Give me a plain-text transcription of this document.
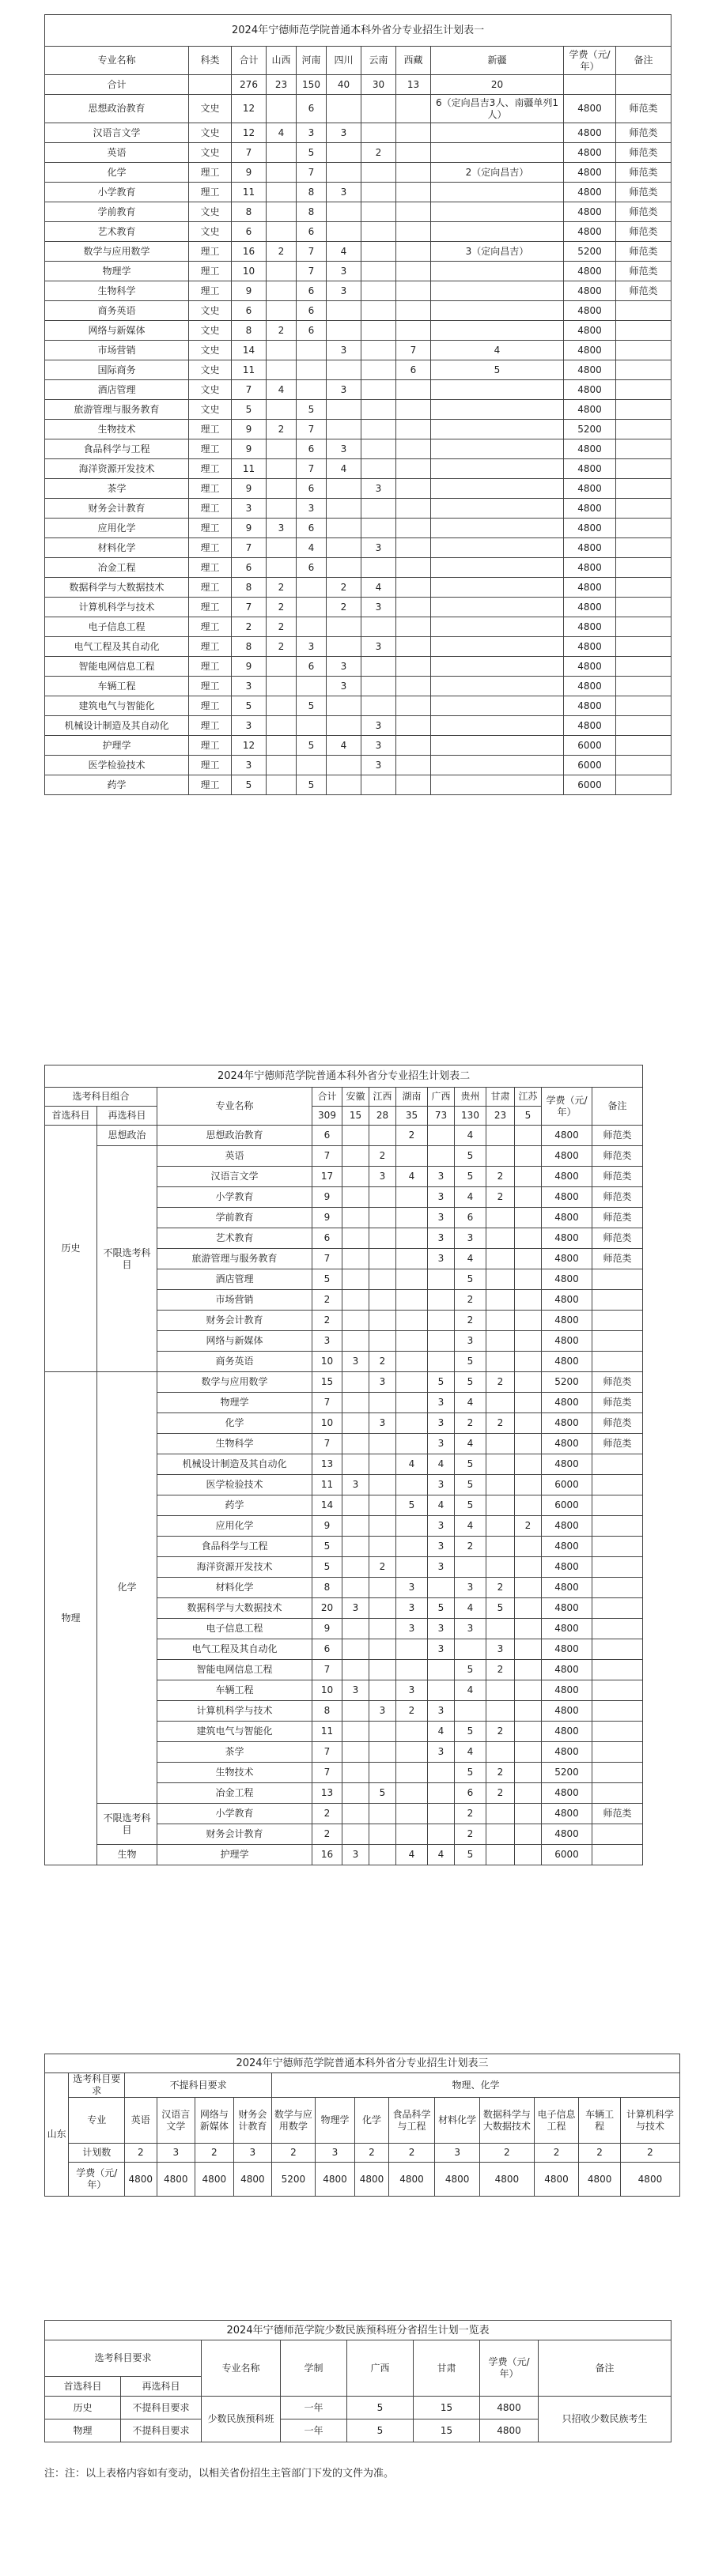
2024年宁德师范学院普通本科外省分专业招生计划表一										
专业名称	科类	合计	山西	河南	四川	云南	西藏	新疆	学费（元/年）	备注
合计		276	23	150	40	30	13	20		
思想政治教育	文史	12		6				6（定向昌吉3人、南疆单列1人）	4800	师范类
汉语言文学	文史	12	4	3	3				4800	师范类
英语	文史	7		5		2			4800	师范类
化学	理工	9		7				2（定向昌吉）	4800	师范类
小学教育	理工	11		8	3				4800	师范类
学前教育	文史	8		8					4800	师范类
艺术教育	文史	6		6					4800	师范类
数学与应用数学	理工	16	2	7	4			3（定向昌吉）	5200	师范类
物理学	理工	10		7	3				4800	师范类
生物科学	理工	9		6	3				4800	师范类
商务英语	文史	6		6					4800	
网络与新媒体	文史	8	2	6					4800	
市场营销	文史	14			3		7	4	4800	
国际商务	文史	11					6	5	4800	
酒店管理	文史	7	4		3				4800	
旅游管理与服务教育	文史	5		5					4800	
生物技术	理工	9	2	7					5200	
食品科学与工程	理工	9		6	3				4800	
海洋资源开发技术	理工	11		7	4				4800	
茶学	理工	9		6		3			4800	
财务会计教育	理工	3		3					4800	
应用化学	理工	9	3	6					4800	
材料化学	理工	7		4		3			4800	
冶金工程	理工	6		6					4800	
数据科学与大数据技术	理工	8	2		2	4			4800	
计算机科学与技术	理工	7	2		2	3			4800	
电子信息工程	理工	2	2						4800	
电气工程及其自动化	理工	8	2	3		3			4800	
智能电网信息工程	理工	9		6	3				4800	
车辆工程	理工	3			3				4800	
建筑电气与智能化	理工	5		5					4800	
机械设计制造及其自动化	理工	3				3			4800	
护理学	理工	12		5	4	3			6000	
医学检验技术	理工	3				3			6000	
药学	理工	5		5					6000	
2024年宁德师范学院普通本科外省分专业招生计划表二												
选考科目组合		专业名称	合计	安徽	江西	湖南	广西	贵州	甘肃	江苏	学费（元/年）	备注
首选科目	再选科目		309	15	28	35	73	130	23	5		
历史	思想政治	思想政治教育	6			2		4			4800	师范类
	不限选考科目	英语	7		2			5			4800	师范类
		汉语言文学	17		3	4	3	5	2		4800	师范类
		小学教育	9				3	4	2		4800	师范类
		学前教育	9				3	6			4800	师范类
		艺术教育	6				3	3			4800	师范类
		旅游管理与服务教育	7				3	4			4800	师范类
		酒店管理	5					5			4800	
		市场营销	2					2			4800	
		财务会计教育	2					2			4800	
		网络与新媒体	3					3			4800	
		商务英语	10	3	2			5			4800	
物理	化学	数学与应用数学	15		3		5	5	2		5200	师范类
		物理学	7				3	4			4800	师范类
		化学	10		3		3	2	2		4800	师范类
		生物科学	7				3	4			4800	师范类
		机械设计制造及其自动化	13			4	4	5			4800	
		医学检验技术	11	3			3	5			6000	
		药学	14			5	4	5			6000	
		应用化学	9				3	4		2	4800	
		食品科学与工程	5				3	2			4800	
		海洋资源开发技术	5		2		3				4800	
		材料化学	8			3		3	2		4800	
		数据科学与大数据技术	20	3		3	5	4	5		4800	
		电子信息工程	9			3	3	3			4800	
		电气工程及其自动化	6				3		3		4800	
		智能电网信息工程	7					5	2		4800	
		车辆工程	10	3		3		4			4800	
		计算机科学与技术	8		3	2	3				4800	
		建筑电气与智能化	11				4	5	2		4800	
		茶学	7				3	4			4800	
		生物技术	7					5	2		5200	
		冶金工程	13		5			6	2		4800	
	不限选考科目	小学教育	2					2			4800	师范类
		财务会计教育	2					2			4800	
	生物	护理学	16	3		4	4	5			6000	
2024年宁德师范学院普通本科外省分专业招生计划表三														
山东	选考科目要求	不提科目要求				物理、化学								
	专业	英语	汉语言文学	网络与新媒体	财务会计教育	数学与应用数学	物理学	化学	食品科学与工程	材料化学	数据科学与大数据技术	电子信息工程	车辆工程	计算机科学与技术
	计划数	2	3	2	3	2	3	2	2	3	2	2	2	2
	学费（元/年）	4800	4800	4800	4800	5200	4800	4800	4800	4800	4800	4800	4800	4800
2024年宁德师范学院少数民族预科班分省招生计划一览表							
选考科目要求		专业名称	学制	广西	甘肃	学费（元/年）	备注
首选科目	再选科目						
历史	不提科目要求	少数民族预科班	一年	5	15	4800	只招收少数民族考生
物理	不提科目要求		一年	5	15	4800	
注：注：以上表格内容如有变动，以相关省份招生主管部门下发的文件为准。
